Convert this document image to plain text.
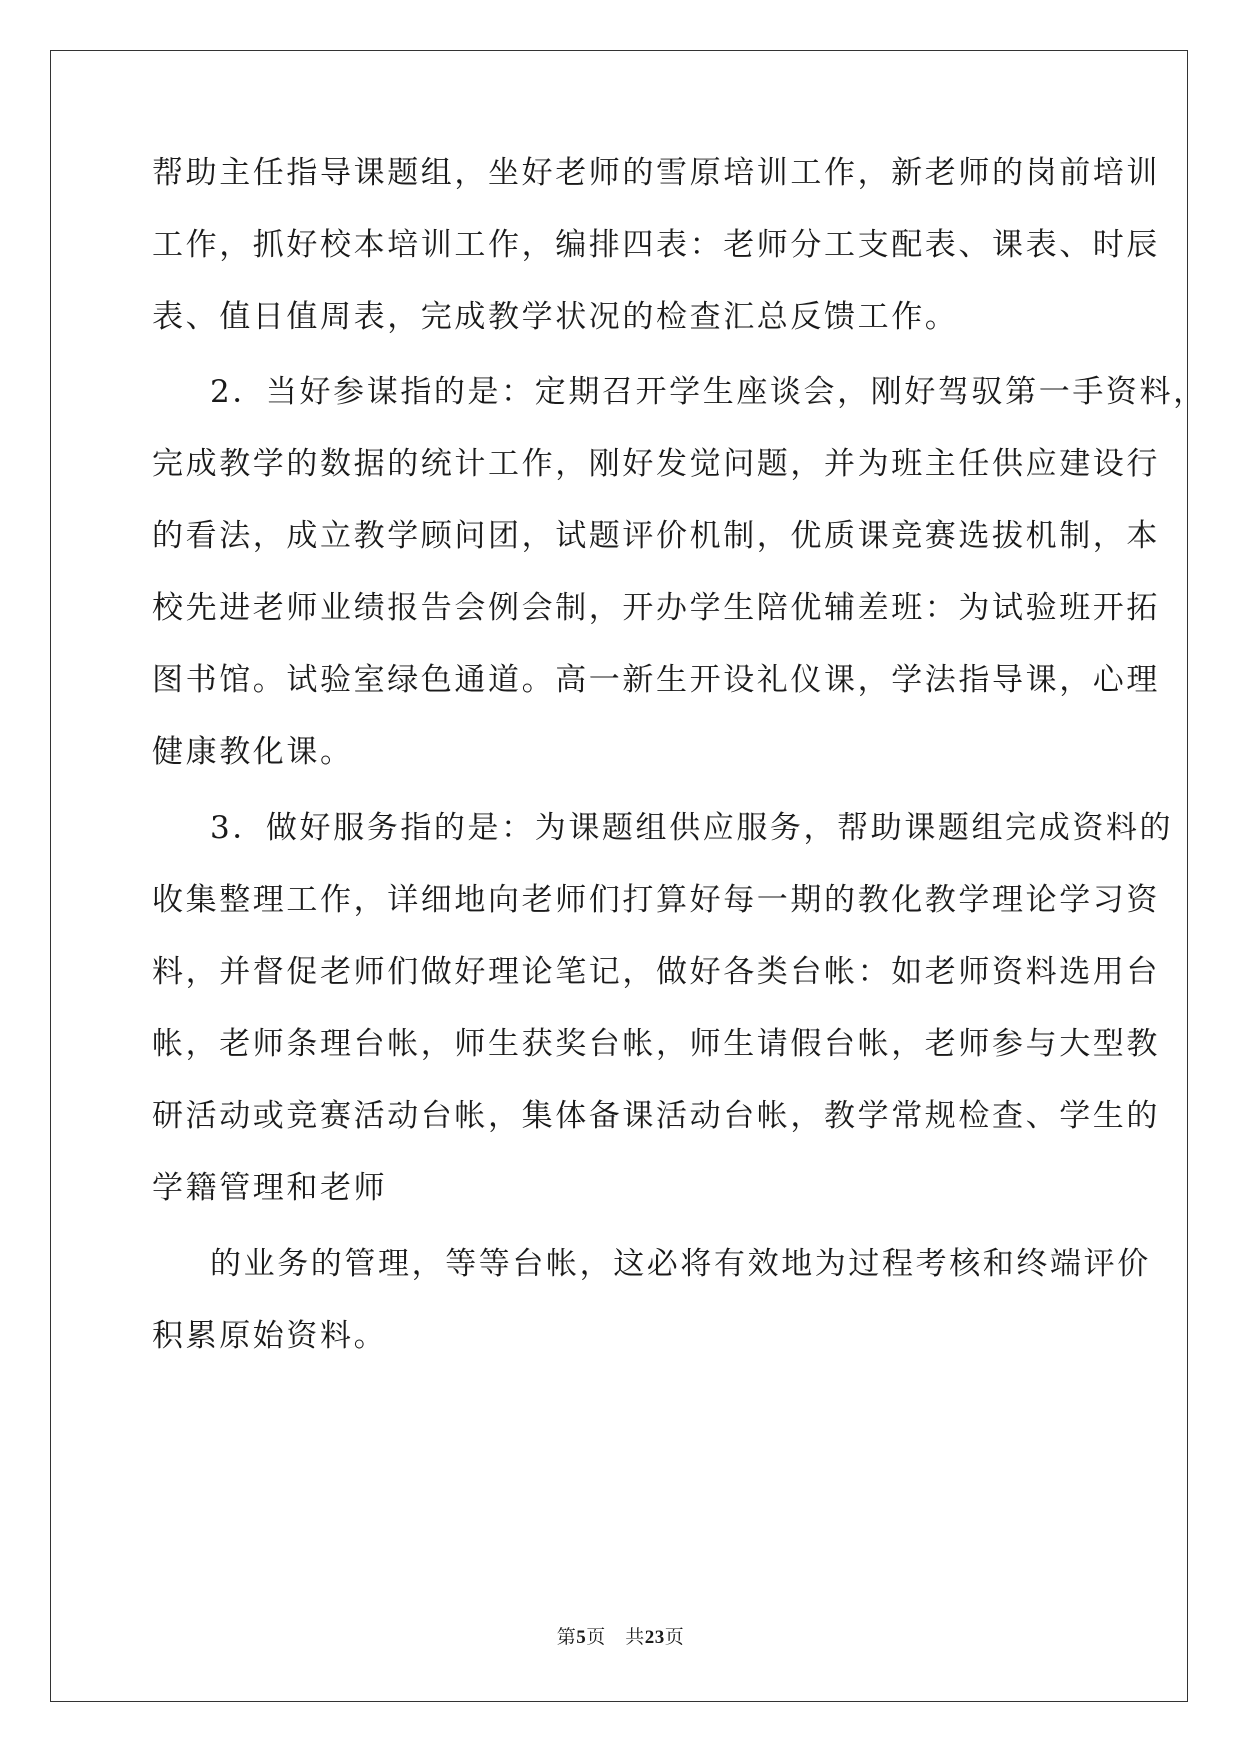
帮助主任指导课题组，坐好老师的雪原培训工作，新老师的岗前培训
工作，抓好校本培训工作，编排四表：老师分工支配表、课表、时辰
表、值日值周表，完成教学状况的检查汇总反馈工作。
2．当好参谋指的是：定期召开学生座谈会，刚好驾驭第一手资料，
完成教学的数据的统计工作，刚好发觉问题，并为班主任供应建设行
的看法，成立教学顾问团，试题评价机制，优质课竞赛选拔机制，本
校先进老师业绩报告会例会制，开办学生陪优辅差班：为试验班开拓
图书馆。试验室绿色通道。高一新生开设礼仪课，学法指导课，心理
健康教化课。
3．做好服务指的是：为课题组供应服务，帮助课题组完成资料的
收集整理工作，详细地向老师们打算好每一期的教化教学理论学习资
料，并督促老师们做好理论笔记，做好各类台帐：如老师资料选用台
帐，老师条理台帐，师生获奖台帐，师生请假台帐，老师参与大型教
研活动或竞赛活动台帐，集体备课活动台帐，教学常规检查、学生的
学籍管理和老师
的业务的管理，等等台帐，这必将有效地为过程考核和终端评价
积累原始资料。
第5页　共23页
